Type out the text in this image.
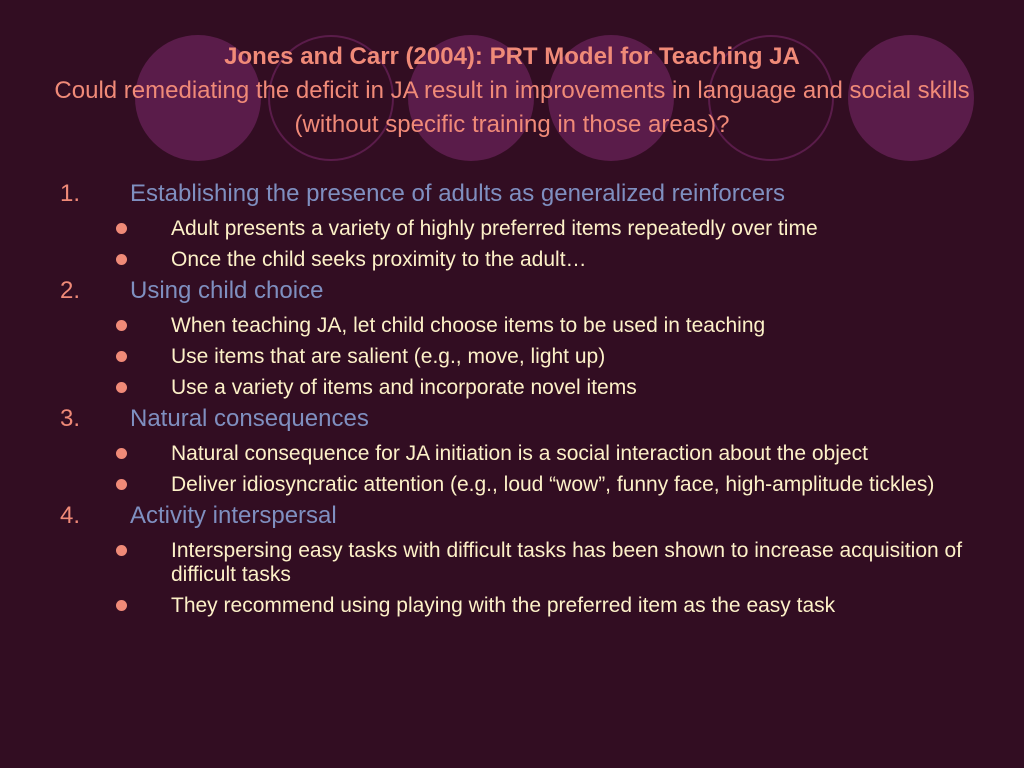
Jones and Carr (2004): PRT Model for Teaching JA
Could remediating the deficit in JA result in improvements in language and social skills (without specific training in those areas)?
1. Establishing the presence of adults as generalized reinforcers
Adult presents a variety of highly preferred items repeatedly over time
Once the child seeks proximity to the adult…
2. Using child choice
When teaching JA, let child choose items to be used in teaching
Use items that are salient (e.g., move, light up)
Use a variety of items and incorporate novel items
3. Natural consequences
Natural consequence for JA initiation is a social interaction about the object
Deliver idiosyncratic attention (e.g., loud “wow”, funny face, high-amplitude tickles)
4. Activity interspersal
Interspersing easy tasks with difficult tasks has been shown to increase acquisition of difficult tasks
They recommend using playing with the preferred item as the easy task
